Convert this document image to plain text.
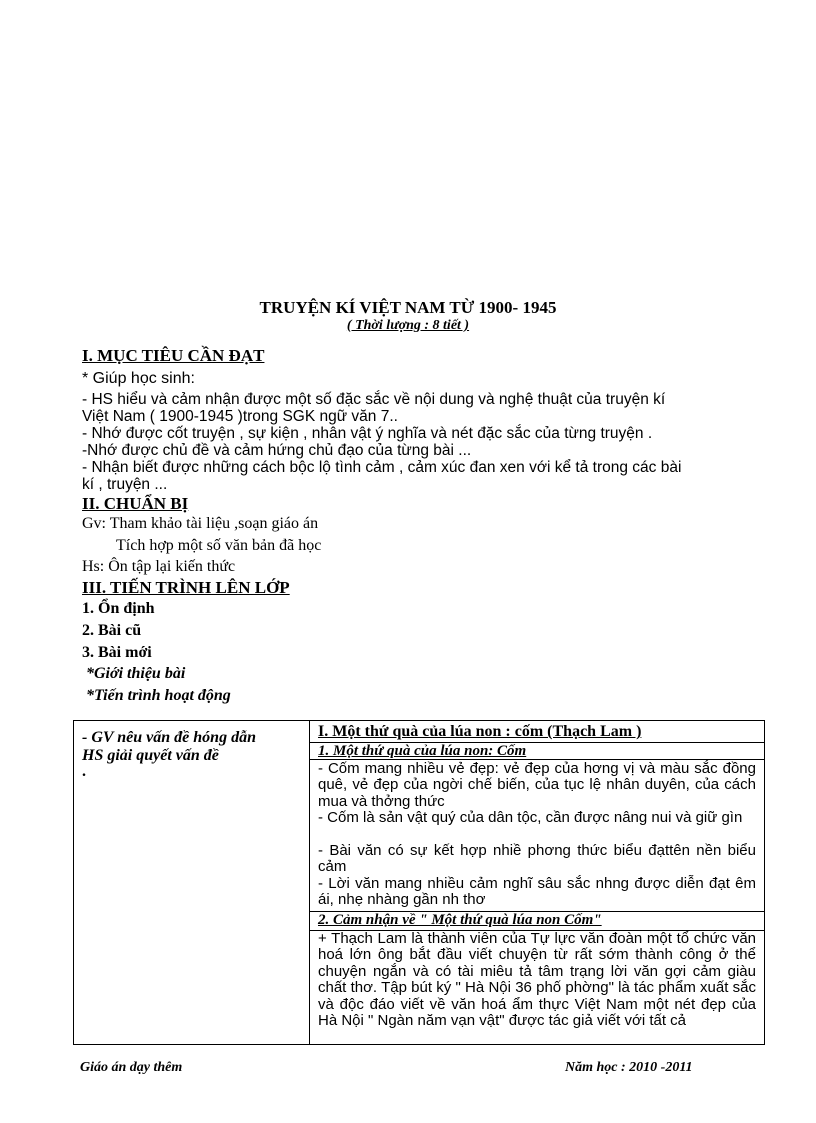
TRUYỆN KÍ VIỆT NAM TỪ 1900- 1945
( Thời lượng : 8 tiết )
I. MỤC TIÊU CẦN ĐẠT
* Giúp học sinh:
- HS hiểu và cảm nhận được một số đặc sắc về nội dung và nghệ thuật của truyện kí
Việt Nam ( 1900-1945 )trong SGK ngữ văn 7..
- Nhớ được cốt truyện , sự kiện , nhân vật ý nghĩa và nét đặc sắc của từng truyện .
-Nhớ được chủ đề và cảm hứng chủ đạo của từng bài ...
- Nhận biết được những cách bộc lộ tình cảm , cảm xúc đan xen với kể tả trong các bài
kí , truyện ...
II. CHUẨN BỊ
Gv: Tham khảo tài liệu ,soạn giáo án
Tích hợp một số văn bản đã học
Hs: Ôn tập lại kiến thức
III. TIẾN TRÌNH LÊN LỚP
1. Ổn định
2. Bài cũ
3. Bài mới
*Giới thiệu bài
*Tiến trình hoạt động
- GV nêu vấn đề hóng dẫn
HS giải quyết vấn đề
.
I. Một thứ quà của lúa non : cốm (Thạch Lam )
1. Một thứ quà của lúa non: Cốm
- Cốm mang nhiều vẻ đẹp: vẻ đẹp của hơng vị và màu sắc đồng quê, vẻ đẹp của ngời chế biến, của tục lệ nhân duyên, của cách mua và thởng thức
- Cốm là sản vật quý của dân tộc, cần được nâng nui và giữ gìn
- Bài văn có sự kết hợp nhiề phơng thức biểu đạttên nền biểu cảm
- Lời văn mang nhiều cảm nghĩ sâu sắc nhng được diễn đạt êm ái, nhẹ nhàng gần nh thơ
2. Cảm nhận về " Một thứ quà lúa non Cốm"
+ Thạch Lam là thành viên của Tự lực văn đoàn một tổ chức văn hoá lớn ông bắt đầu viết chuyện từ rất sớm thành công ở thể chuyện ngắn và có tài miêu tả tâm trạng lời văn gợi cảm giàu chất thơ. Tập bút ký " Hà Nội 36 phố phờng" là tác phẩm xuất sắc và độc đáo viết về văn hoá ẩm thực Việt Nam một nét đẹp của Hà Nội " Ngàn năm vạn vật" được tác giả viết với tất cả
Giáo án dạy thêm	Năm học : 2010 -2011
